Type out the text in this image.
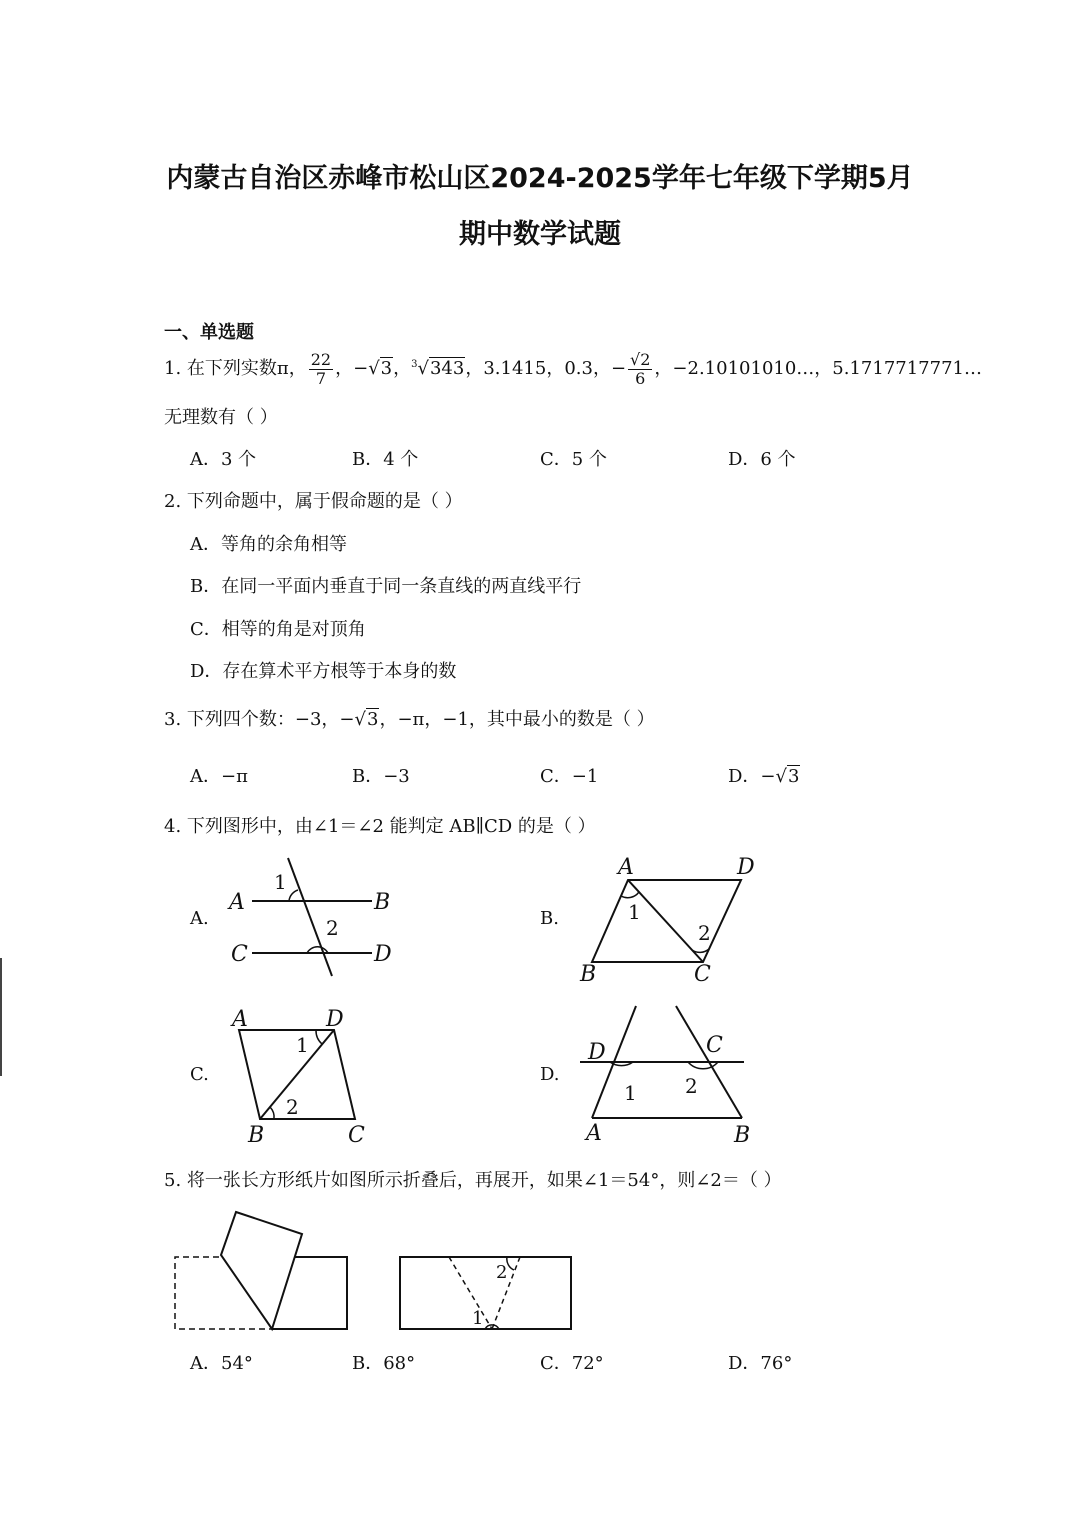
内蒙古自治区赤峰市松山区2024-2025学年七年级下学期5月
期中数学试题
一、单选题
1. 在下列实数π， $\frac{22}{7}$ ，− √3 ， $^3$√343 ，3.1415，0.3，− $\frac{√2}{6}$ ，−2.10101010…，5.1717717771…
无理数有（ ）
A．3 个	B．4 个	C．5 个	D．6 个
2. 下列命题中，属于假命题的是（ ）
A．等角的余角相等
B．在同一平面内垂直于同一条直线的两直线平行
C．相等的角是对顶角
D．存在算术平方根等于本身的数
3. 下列四个数：−3，−√3，−π，−1，其中最小的数是（ ）
A．−π	B．−3	C．−1	D．−√3
4. 下列图形中，由∠1＝∠2 能判定 AB∥CD 的是（ ）
A.
A	B
C	D
1
2	B.
A	D
B	C
1
2
C.
A	D
B	C
1
2
D.
D	C
A	B
1 2
5. 将一张长方形纸片如图所示折叠后，再展开，如果∠1＝54°，则∠2＝（ ）
1
2
A．54°	B．68°	C．72°	D．76°
